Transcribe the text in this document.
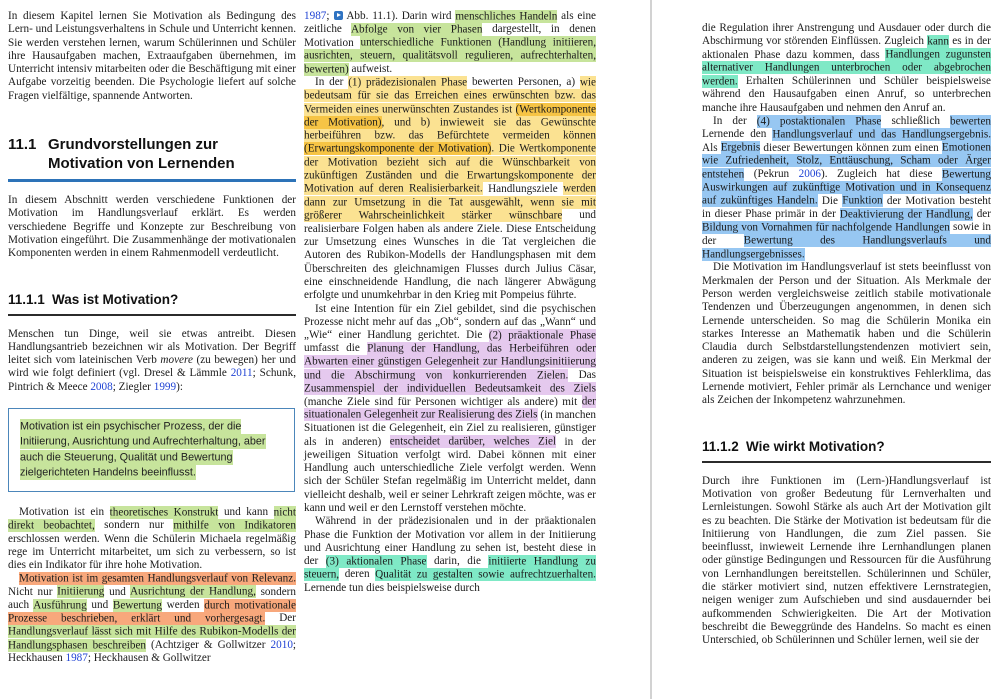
In diesem Kapitel lernen Sie Motivation als Bedingung des Lern- und Leistungsverhaltens in Schule und Unterricht kennen. Sie werden verstehen lernen, warum Schülerinnen und Schüler ihre Hausaufgaben machen, Extraaufgaben übernehmen, im Unterricht intensiv mitarbeiten oder die Beschäftigung mit einer Aufgabe vorzeitig beenden. Die Psychologie liefert auf solche Fragen vielfältige, spannende Antworten.

11.1 Grundvorstellungen zur Motivation von Lernenden

In diesem Abschnitt werden verschiedene Funktionen der Motivation im Handlungsverlauf erklärt. Es werden verschiedene Begriffe und Konzepte zur Beschreibung von Motivation eingeführt. Die Zusammenhänge der motivationalen Komponenten werden in einem Rahmenmodell verdeutlicht.

11.1.1 Was ist Motivation?

Menschen tun Dinge, weil sie etwas antreibt. Diesen Handlungsantrieb bezeichnen wir als Motivation. Der Begriff leitet sich vom lateinischen Verb movere (zu bewegen) her und wird wie folgt definiert (vgl. Dresel & Lämmle 2011; Schunk, Pintrich & Meece 2008; Ziegler 1999):

Motivation ist ein psychischer Prozess, der die Initiierung, Ausrichtung und Aufrechterhaltung, aber auch die Steuerung, Qualität und Bewertung zielgerichteten Handelns beeinflusst.

Motivation ist ein theoretisches Konstrukt und kann nicht direkt beobachtet, sondern nur mithilfe von Indikatoren erschlossen werden. Wenn die Schülerin Michaela regelmäßig rege im Unterricht mitarbeitet, um sich zu verbessern, so ist dies ein Indikator für ihre hohe Motivation.

Motivation ist im gesamten Handlungsverlauf von Relevanz. Nicht nur Initiierung und Ausrichtung der Handlung, sondern auch Ausführung und Bewertung werden durch motivationale Prozesse beschrieben, erklärt und vorhergesagt. Der Handlungsverlauf lässt sich mit Hilfe des Rubikon-Modells der Handlungsphasen beschreiben (Achtziger & Gollwitzer 2010; Heckhausen 1987; Heckhausen & Gollwitzer

1987; Abb. 11.1). Darin wird menschliches Handeln als eine zeitliche Abfolge von vier Phasen dargestellt, in denen Motivation unterschiedliche Funktionen (Handlung initiieren, ausrichten, steuern, qualitätsvoll regulieren, aufrechterhalten, bewerten) aufweist.

In der (1) prädezisionalen Phase bewerten Personen, a) wie bedeutsam für sie das Erreichen eines erwünschten bzw. das Vermeiden eines unerwünschten Zustandes ist (Wertkomponente der Motivation), und b) inwieweit sie das Gewünschte herbeiführen bzw. das Befürchtete vermeiden können (Erwartungskomponente der Motivation). Die Wertkomponente der Motivation bezieht sich auf die Wünschbarkeit von zukünftigen Zuständen und die Erwartungskomponente der Motivation auf deren Realisierbarkeit. Handlungsziele werden dann zur Umsetzung in die Tat ausgewählt, wenn sie mit größerer Wahrscheinlichkeit stärker wünschbare und realisierbare Folgen haben als andere Ziele. Diese Entscheidung zur Umsetzung eines Wunsches in die Tat vergleichen die Autoren des Rubikon-Modells der Handlungsphasen mit dem Überschreiten des gleichnamigen Flusses durch Julius Cäsar, eine einschneidende Handlung, die nach längerer Abwägung erfolgte und unumkehrbar in den Krieg mit Pompeius führte.

Ist eine Intention für ein Ziel gebildet, sind die psychischen Prozesse nicht mehr auf das „Ob“, sondern auf das „Wann“ und „Wie“ einer Handlung gerichtet. Die (2) präaktionale Phase umfasst die Planung der Handlung, das Herbeiführen oder Abwarten einer günstigen Gelegenheit zur Handlungsinitiierung und die Abschirmung von konkurrierenden Zielen. Das Zusammenspiel der individuellen Bedeutsamkeit des Ziels (manche Ziele sind für Personen wichtiger als andere) mit der situationalen Gelegenheit zur Realisierung des Ziels (in manchen Situationen ist die Gelegenheit, ein Ziel zu realisieren, günstiger als in anderen) entscheidet darüber, welches Ziel in der jeweiligen Situation verfolgt wird. Dabei können mit einer Handlung auch unterschiedliche Ziele verfolgt werden. Wenn sich der Schüler Stefan regelmäßig im Unterricht meldet, dann vielleicht deshalb, weil er seiner Lehrkraft zeigen möchte, was er kann und weil er den Lernstoff verstehen möchte.

Während in der prädezisionalen und in der präaktionalen Phase die Funktion der Motivation vor allem in der Initiierung und Ausrichtung einer Handlung zu sehen ist, besteht diese in der (3) aktionalen Phase darin, die initiierte Handlung zu steuern, deren Qualität zu gestalten sowie aufrechtzuerhalten. Lernende tun dies beispielsweise durch

die Regulation ihrer Anstrengung und Ausdauer oder durch die Abschirmung vor störenden Einflüssen. Zugleich kann es in der aktionalen Phase dazu kommen, dass Handlungen zugunsten alternativer Handlungen unterbrochen oder abgebrochen werden. Erhalten Schülerinnen und Schüler beispielsweise während den Hausaufgaben einen Anruf, so unterbrechen manche ihre Hausaufgaben und nehmen den Anruf an.

In der (4) postaktionalen Phase schließlich bewerten Lernende den Handlungsverlauf und das Handlungsergebnis. Als Ergebnis dieser Bewertungen können zum einen Emotionen wie Zufriedenheit, Stolz, Enttäuschung, Scham oder Ärger entstehen (Pekrun 2006). Zugleich hat diese Bewertung Auswirkungen auf zukünftige Motivation und in Konsequenz auf zukünftiges Handeln. Die Funktion der Motivation besteht in dieser Phase primär in der Deaktivierung der Handlung, der Bildung von Vornahmen für nachfolgende Handlungen sowie in der Bewertung des Handlungsverlaufs und Handlungsergebnisses.

Die Motivation im Handlungsverlauf ist stets beeinflusst von Merkmalen der Person und der Situation. Als Merkmale der Person werden vergleichsweise zeitlich stabile motivationale Tendenzen und Überzeugungen angenommen, in denen sich Lernende unterscheiden. So mag die Schülerin Monika ein starkes Interesse an Mathematik haben und die Schülerin Claudia durch Selbstdarstellungstendenzen motiviert sein, anderen zu zeigen, was sie kann und weiß. Ein Merkmal der Situation ist beispielsweise ein konstruktives Fehlerklima, das Lernende motiviert, Fehler primär als Lernchance und weniger als Zeichen der Inkompetenz wahrzunehmen.

11.1.2 Wie wirkt Motivation?

Durch ihre Funktionen im (Lern-)Handlungsverlauf ist Motivation von großer Bedeutung für Lernverhalten und Lernleistungen. Sowohl Stärke als auch Art der Motivation gilt es zu beachten. Die Stärke der Motivation ist bedeutsam für die Initiierung von Handlungen, die zum Ziel passen. Sie beeinflusst, inwieweit Lernende ihre Lernhandlungen planen oder günstige Bedingungen und Ressourcen für die Ausführung von Lernhandlungen bereitstellen. Schülerinnen und Schüler, die stärker motiviert sind, nutzen effektivere Lernstrategien, neigen weniger zum Aufschieben und sind ausdauernder bei aufkommenden Schwierigkeiten. Die Art der Motivation beschreibt die Beweggründe des Handelns. So macht es einen Unterschied, ob Schülerinnen und Schüler lernen, weil sie der
